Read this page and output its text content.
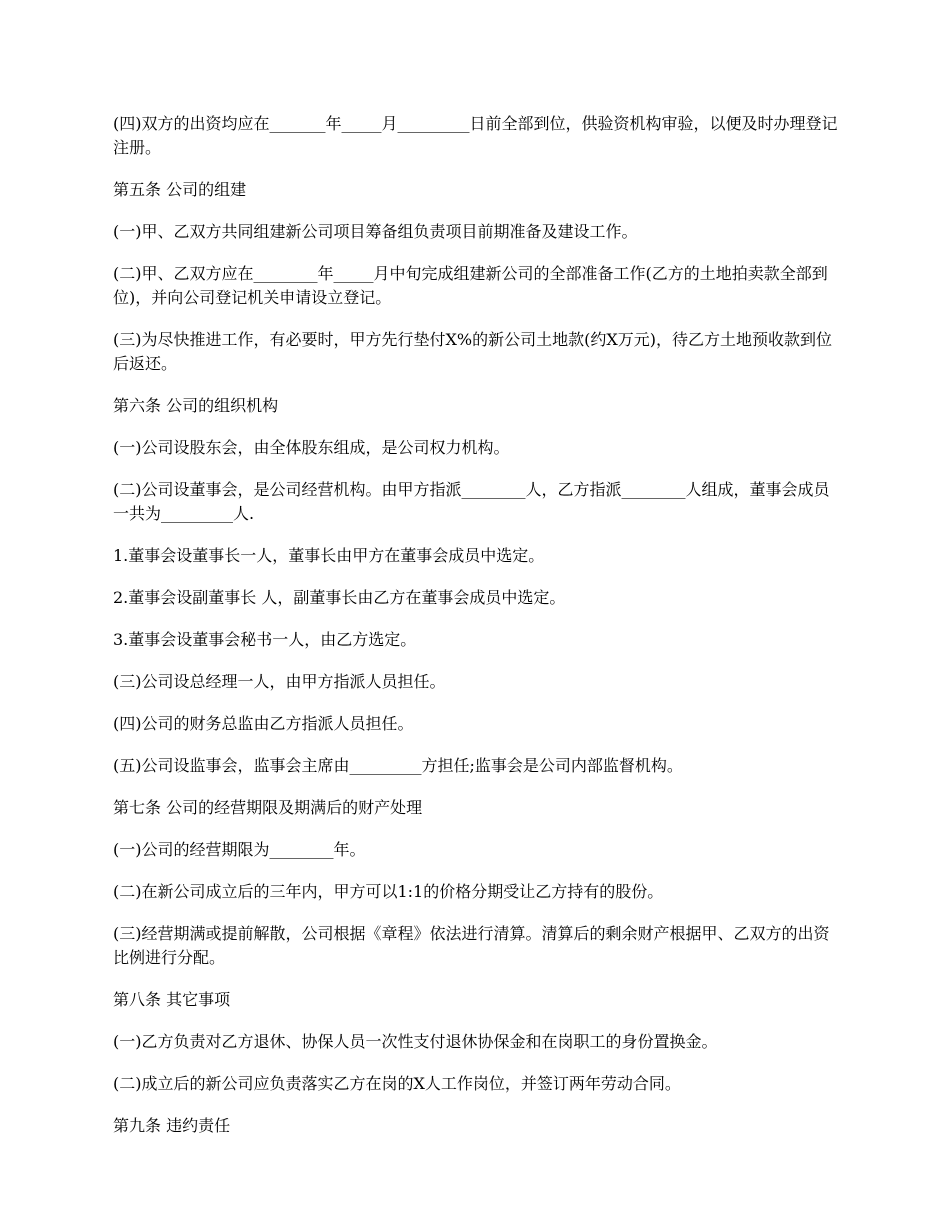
(四)双方的出资均应在_______年_____月_________日前全部到位，供验资机构审验，以便及时办理登记注册。

第五条 公司的组建

(一)甲、乙双方共同组建新公司项目筹备组负责项目前期准备及建设工作。

(二)甲、乙双方应在________年_____月中旬完成组建新公司的全部准备工作(乙方的土地拍卖款全部到位)，并向公司登记机关申请设立登记。

(三)为尽快推进工作，有必要时，甲方先行垫付X%的新公司土地款(约X万元)，待乙方土地预收款到位后返还。

第六条 公司的组织机构

(一)公司设股东会，由全体股东组成，是公司权力机构。

(二)公司设董事会，是公司经营机构。由甲方指派________人，乙方指派________人组成，董事会成员一共为_________人.

1.董事会设董事长一人，董事长由甲方在董事会成员中选定。

2.董事会设副董事长 人，副董事长由乙方在董事会成员中选定。

3.董事会设董事会秘书一人，由乙方选定。

(三)公司设总经理一人，由甲方指派人员担任。

(四)公司的财务总监由乙方指派人员担任。

(五)公司设监事会，监事会主席由_________方担任;监事会是公司内部监督机构。

第七条 公司的经营期限及期满后的财产处理

(一)公司的经营期限为________年。

(二)在新公司成立后的三年内，甲方可以1:1的价格分期受让乙方持有的股份。

(三)经营期满或提前解散，公司根据《章程》依法进行清算。清算后的剩余财产根据甲、乙双方的出资比例进行分配。

第八条 其它事项

(一)乙方负责对乙方退休、协保人员一次性支付退休协保金和在岗职工的身份置换金。

(二)成立后的新公司应负责落实乙方在岗的X人工作岗位，并签订两年劳动合同。

第九条 违约责任
